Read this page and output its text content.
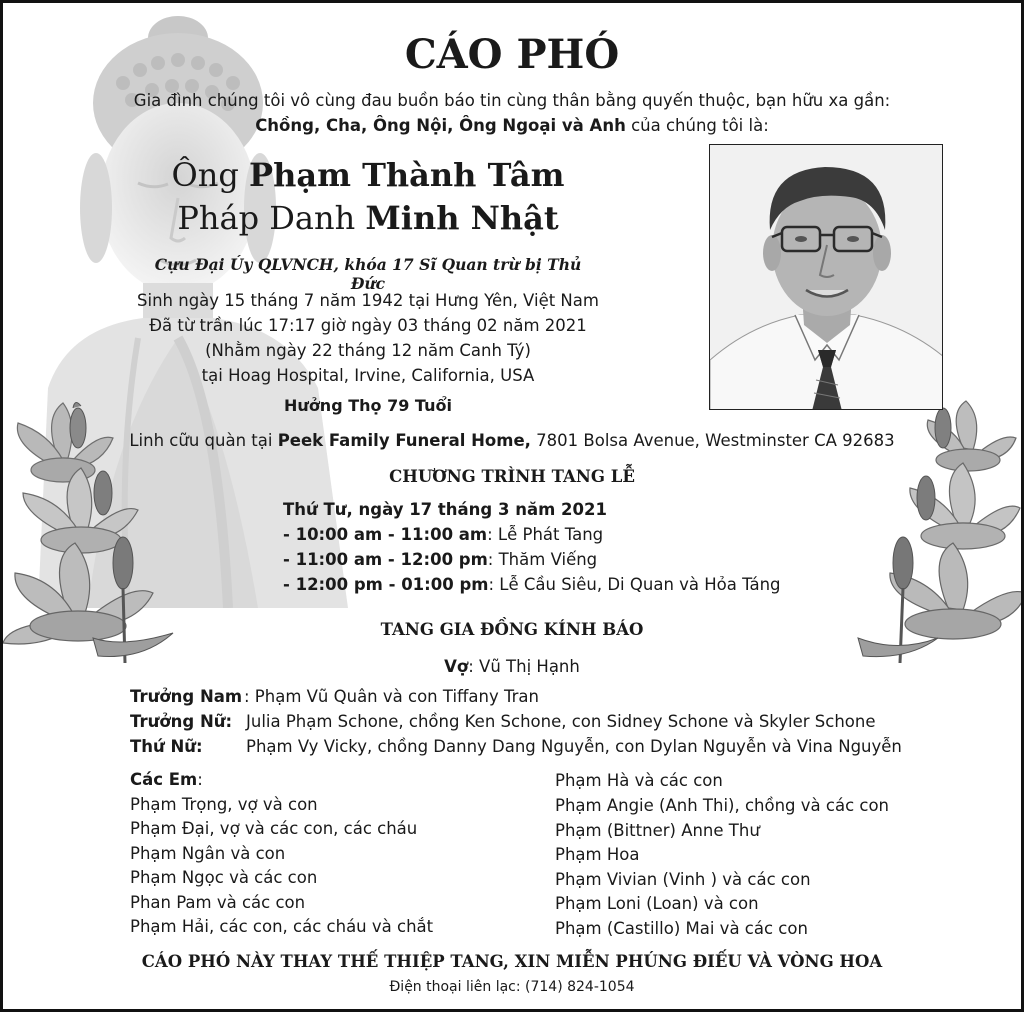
CÁO PHÓ
Gia đình chúng tôi vô cùng đau buồn báo tin cùng thân bằng quyến thuộc, bạn hữu xa gần:
Chồng, Cha, Ông Nội, Ông Ngoại và Anh của chúng tôi là:
Ông Phạm Thành Tâm
Pháp Danh Minh Nhật
Cựu Đại Úy QLVNCH, khóa 17 Sĩ Quan trừ bị Thủ Đức
Sinh ngày 15 tháng 7 năm 1942 tại Hưng Yên, Việt Nam
Đã từ trần lúc 17:17 giờ ngày 03 tháng 02 năm 2021
(Nhằm ngày 22 tháng 12 năm Canh Tý)
tại Hoag Hospital, Irvine, California, USA
Hưởng Thọ 79 Tuổi
Linh cữu quàn tại Peek Family Funeral Home, 7801 Bolsa Avenue, Westminster CA 92683
CHƯƠNG TRÌNH TANG LỄ
Thứ Tư, ngày 17 tháng 3 năm 2021
- 10:00 am - 11:00 am: Lễ Phát Tang
- 11:00 am - 12:00 pm: Thăm Viếng
- 12:00 pm - 01:00 pm: Lễ Cầu Siêu, Di Quan và Hỏa Táng
TANG GIA ĐỒNG KÍNH BÁO
Vợ: Vũ Thị Hạnh
Trưởng Nam : Phạm Vũ Quân và con Tiffany Tran
Trưởng Nữ: Julia Phạm Schone, chồng Ken Schone, con Sidney Schone và Skyler Schone
Thứ Nữ:	Phạm Vy Vicky, chồng Danny Dang Nguyễn, con Dylan Nguyễn và Vina Nguyễn
Các Em:
Phạm Trọng, vợ và con
Phạm Đại, vợ và các con, các cháu
Phạm Ngân và con
Phạm Ngọc và các con
Phan Pam và các con
Phạm Hải, các con, các cháu và chắt
Phạm Hà và các con
Phạm Angie (Anh Thi), chồng và các con
Phạm (Bittner) Anne Thư
Phạm Hoa
Phạm Vivian (Vinh ) và các con
Phạm Loni (Loan) và con
Phạm (Castillo) Mai và các con
CÁO PHÓ NÀY THAY THẾ THIỆP TANG, XIN MIỄN PHÚNG ĐIẾU VÀ VÒNG HOA
Điện thoại liên lạc: (714) 824-1054
